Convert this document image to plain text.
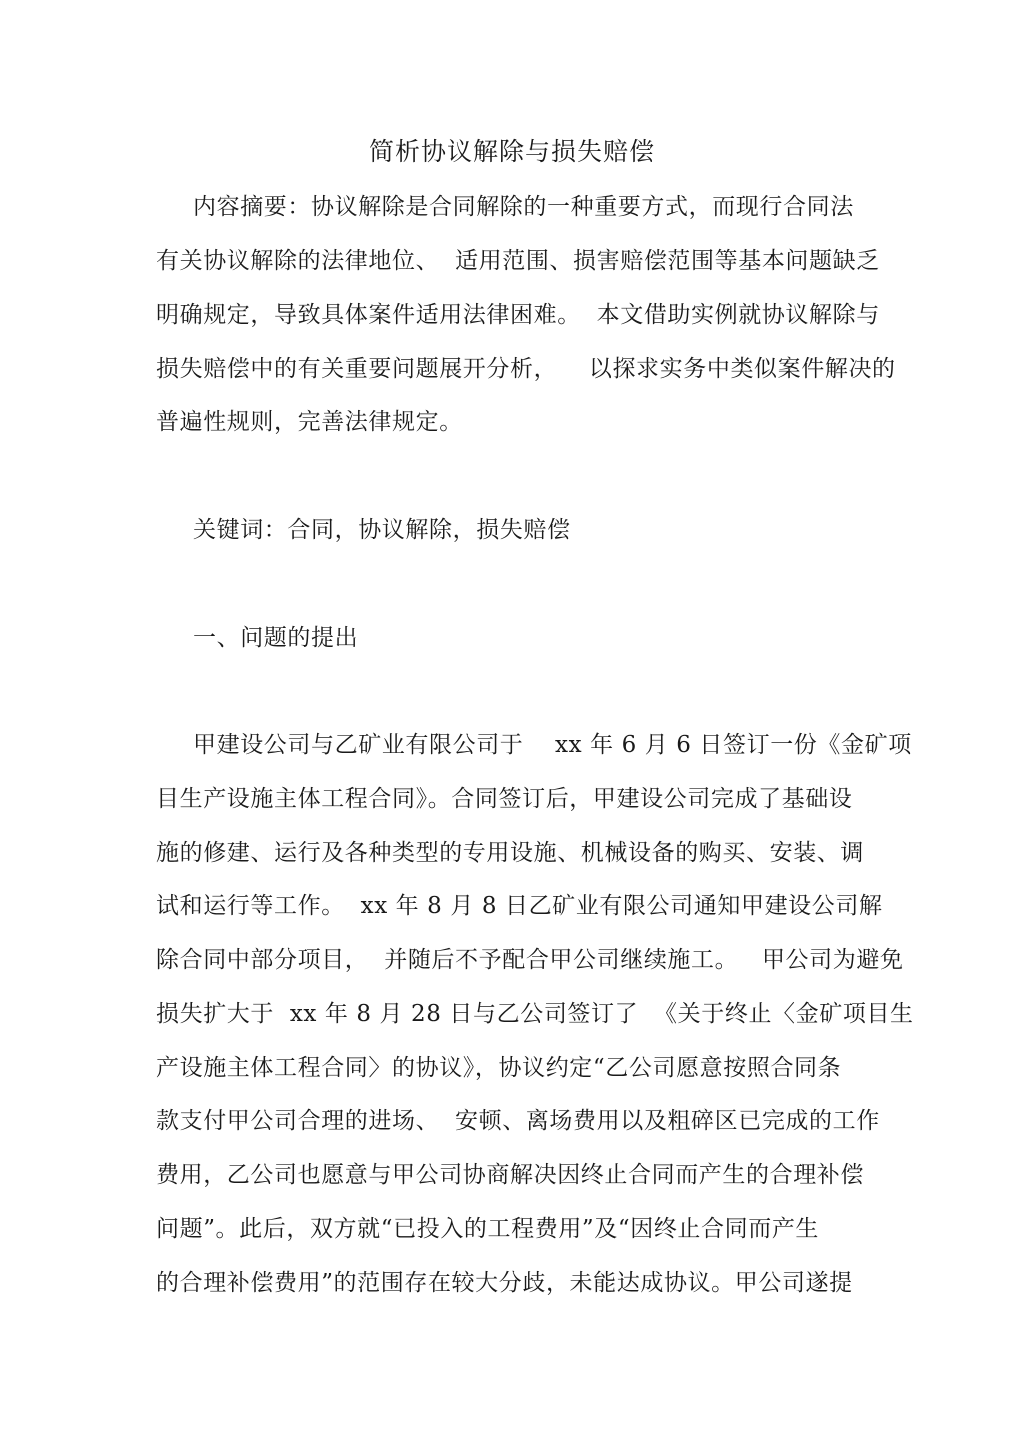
简析协议解除与损失赔偿
内容摘要：协议解除是合同解除的一种重要方式，而现行合同法
有关协议解除的法律地位、  适用范围、损害赔偿范围等基本问题缺乏
明确规定，导致具体案件适用法律困难。  本文借助实例就协议解除与
损失赔偿中的有关重要问题展开分析，    以探求实务中类似案件解决的
普遍性规则，完善法律规定。
关键词：合同，协议解除，损失赔偿
一、问题的提出
甲建设公司与乙矿业有限公司于    xx 年 6 月 6 日签订一份《金矿项
目生产设施主体工程合同》。合同签订后，甲建设公司完成了基础设
施的修建、运行及各种类型的专用设施、机械设备的购买、安装、调
试和运行等工作。  xx 年 8 月 8 日乙矿业有限公司通知甲建设公司解
除合同中部分项目，  并随后不予配合甲公司继续施工。   甲公司为避免
损失扩大于  xx 年 8 月 28 日与乙公司签订了  《关于终止〈金矿项目生
产设施主体工程合同〉的协议》，协议约定“乙公司愿意按照合同条
款支付甲公司合理的进场、  安顿、离场费用以及粗碎区已完成的工作
费用，乙公司也愿意与甲公司协商解决因终止合同而产生的合理补偿
问题”。此后，双方就“已投入的工程费用”及“因终止合同而产生
的合理补偿费用”的范围存在较大分歧，未能达成协议。甲公司遂提
